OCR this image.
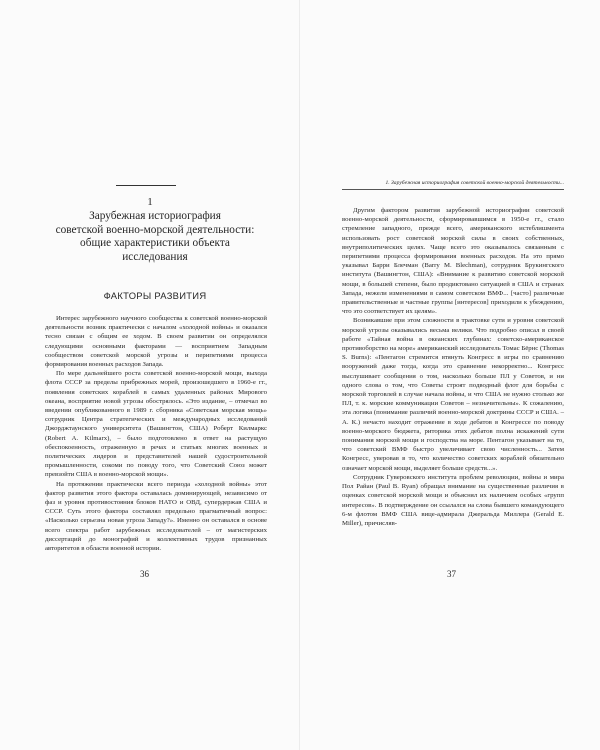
1
Зарубежная историография
советской военно-морской деятельности:
общие характеристики объекта
исследования
ФАКТОРЫ РАЗВИТИЯ

Интерес зарубежного научного сообщества к советской военно-морской деятельности возник практически с началом «холодной войны» и оказался тесно связан с общим ее ходом. В своем развитии он определялся следующими основными факторами — восприятием Западным сообществом советской морской угрозы и перипетиями процесса формирования военных расходов Запада.

По мере дальнейшего роста советской военно-морской мощи, выхода флота СССР за пределы прибрежных морей, произошедшего в 1960-е гг., появления советских кораблей в самых удаленных районах Мирового океана, восприятие новой угрозы обострялось. «Это издание, – отмечал во введении опубликованного в 1989 г. сборника «Советская морская мощь» сотрудник Центра стратегических и международных исследований Джорджтаунского университета (Вашингтон, США) Роберт Килмаркс (Robert A. Kilmarx), – было подготовлено в ответ на растущую обеспокоенность, отраженную в речах и статьях многих военных и политических лидеров и представителей нашей судостроительной промышленности, сокоми по поводу того, что Советский Союз может превзойти США в военно-морской мощи».

На протяжении практически всего периода «холодной войны» этот фактор развития этого фактора оставалась доминирующей, независимо от фаз и уровня противостояния блоков НАТО и ОВД, супердержав США и СССР. Суть этого фактора составлял предельно прагматичный вопрос: «Насколько серьезна новая угроза Западу?». Именно он оставался в основе всего спектра работ зарубежных исследователей – от магистерских диссертаций до монографий и коллективных трудов признанных авторитетов в области военной истории.

36
1. Зарубежная историография советской военно-морской деятельности...

Другим фактором развития зарубежной историографии советской военно-морской деятельности, сформировавшимся в 1950-е гг., стало стремление западного, прежде всего, американского истеблишмента использовать рост советской морской силы в своих собственных, внутриполитических целях. Чаще всего это оказывалось связанным с перипетиями процесса формирования военных расходов. На это прямо указывал Барри Блечман (Barry M. Blechman), сотрудник Брукингского института (Вашингтон, США): «Внимание к развитию советской морской мощи, в большей степени, было продиктовано ситуацией в США и странах Запада, нежели изменениями в самом советском ВМФ... [часто] различные правительственные и частные группы [интересов] приходили к убеждению, что это соответствует их целям».

Возникавшие при этом сложности в трактовке сути и уровня советской морской угрозы оказывались весьма велики. Что подробно описал в своей работе «Тайная война в океанских глубинах: советско-американское противоборство на море» американский исследователь Томас Бёрнс (Thomas S. Burns): «Пентагон стремится втянуть Конгресс в игры по сравнению вооружений даже тогда, когда это сравнение некорректно... Конгресс выслушивает сообщения о том, насколько больше ПЛ у Советов, и ни одного слова о том, что Советы строят подводный флот для борьбы с морской торговлей в случае начала войны, и что США не нужно столько же ПЛ, т. к. морские коммуникации Советов – незначительны». К сожалению, эта логика (понимание различий военно-морской доктрины СССР и США. – А. К.) нечасто находит отражение в ходе дебатов в Конгрессе по поводу военно-морского бюджета, риторика этих дебатов полна искажений сути понимания морской мощи и господства на море. Пентагон указывает на то, что советский ВМФ быстро увеличивает свою численность... Затем Конгресс, уверовав в то, что количество советских кораблей обязательно означает морской мощи, выделяет больше средств...».

Сотрудник Гуверовского института проблем революции, войны и мира Пол Райан (Paul B. Ryan) обращал внимание на существенные различия в оценках советской морской мощи и объяснял их наличием особых «групп интересов». В подтверждение он ссылался на слова бывшего командующего 6-м флотом ВМФ США вице-адмирала Джеральда Миллера (Gerald E. Miller), причисляв-

37
